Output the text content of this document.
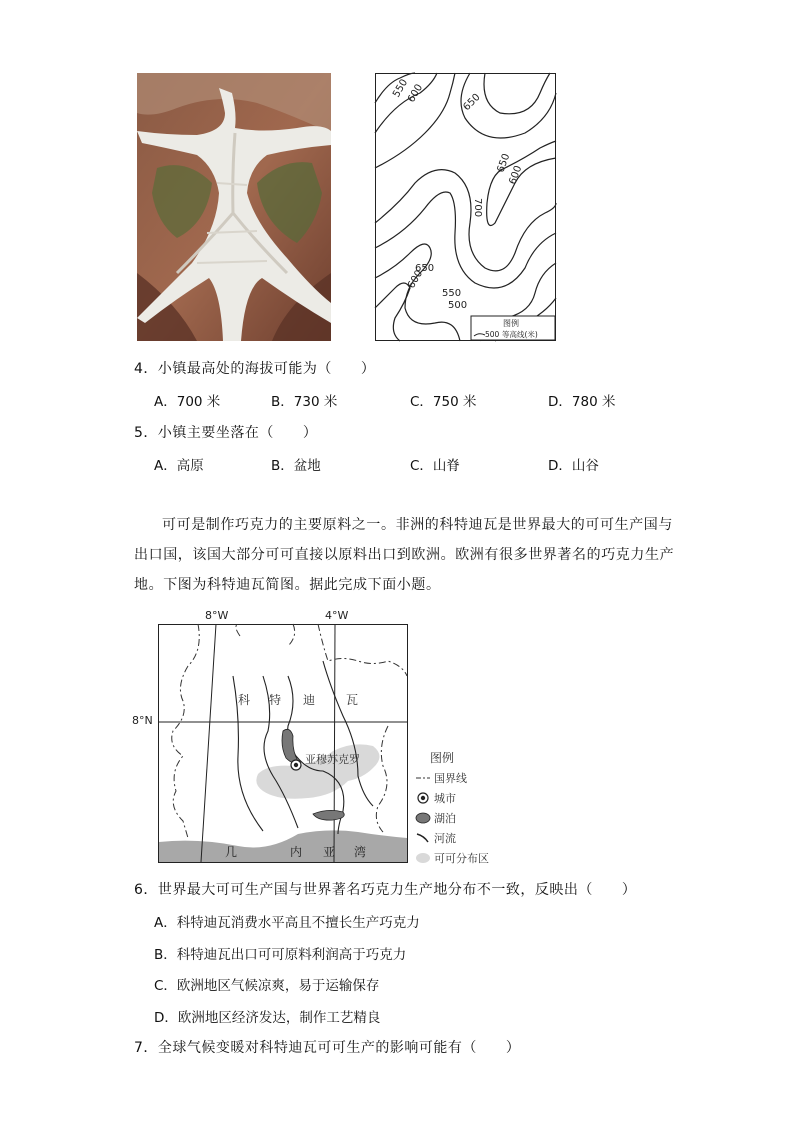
550
600	650
650
600
700
650
600
550
500
图例
500 等高线(米)
4．小镇最高处的海拔可能为（　　）
A．700 米	B．730 米	C．750 米	D．780 米
5．小镇主要坐落在（　　）
A．高原	B．盆地	C．山脊	D．山谷
可可是制作巧克力的主要原料之一。非洲的科特迪瓦是世界最大的可可生产国与
出口国，该国大部分可可直接以原料出口到欧洲。欧洲有很多世界著名的巧克力生产
地。下图为科特迪瓦简图。据此完成下面小题。
8°W	4°W
8°N
亚穆苏克罗
科 特 迪	瓦
几	内 亚 湾
图例
国界线
城市
湖泊
河流
可可分布区
6．世界最大可可生产国与世界著名巧克力生产地分布不一致，反映出（　　）
A．科特迪瓦消费水平高且不擅长生产巧克力
B．科特迪瓦出口可可原料利润高于巧克力
C．欧洲地区气候凉爽，易于运输保存
D．欧洲地区经济发达，制作工艺精良
7．全球气候变暖对科特迪瓦可可生产的影响可能有（　　）
